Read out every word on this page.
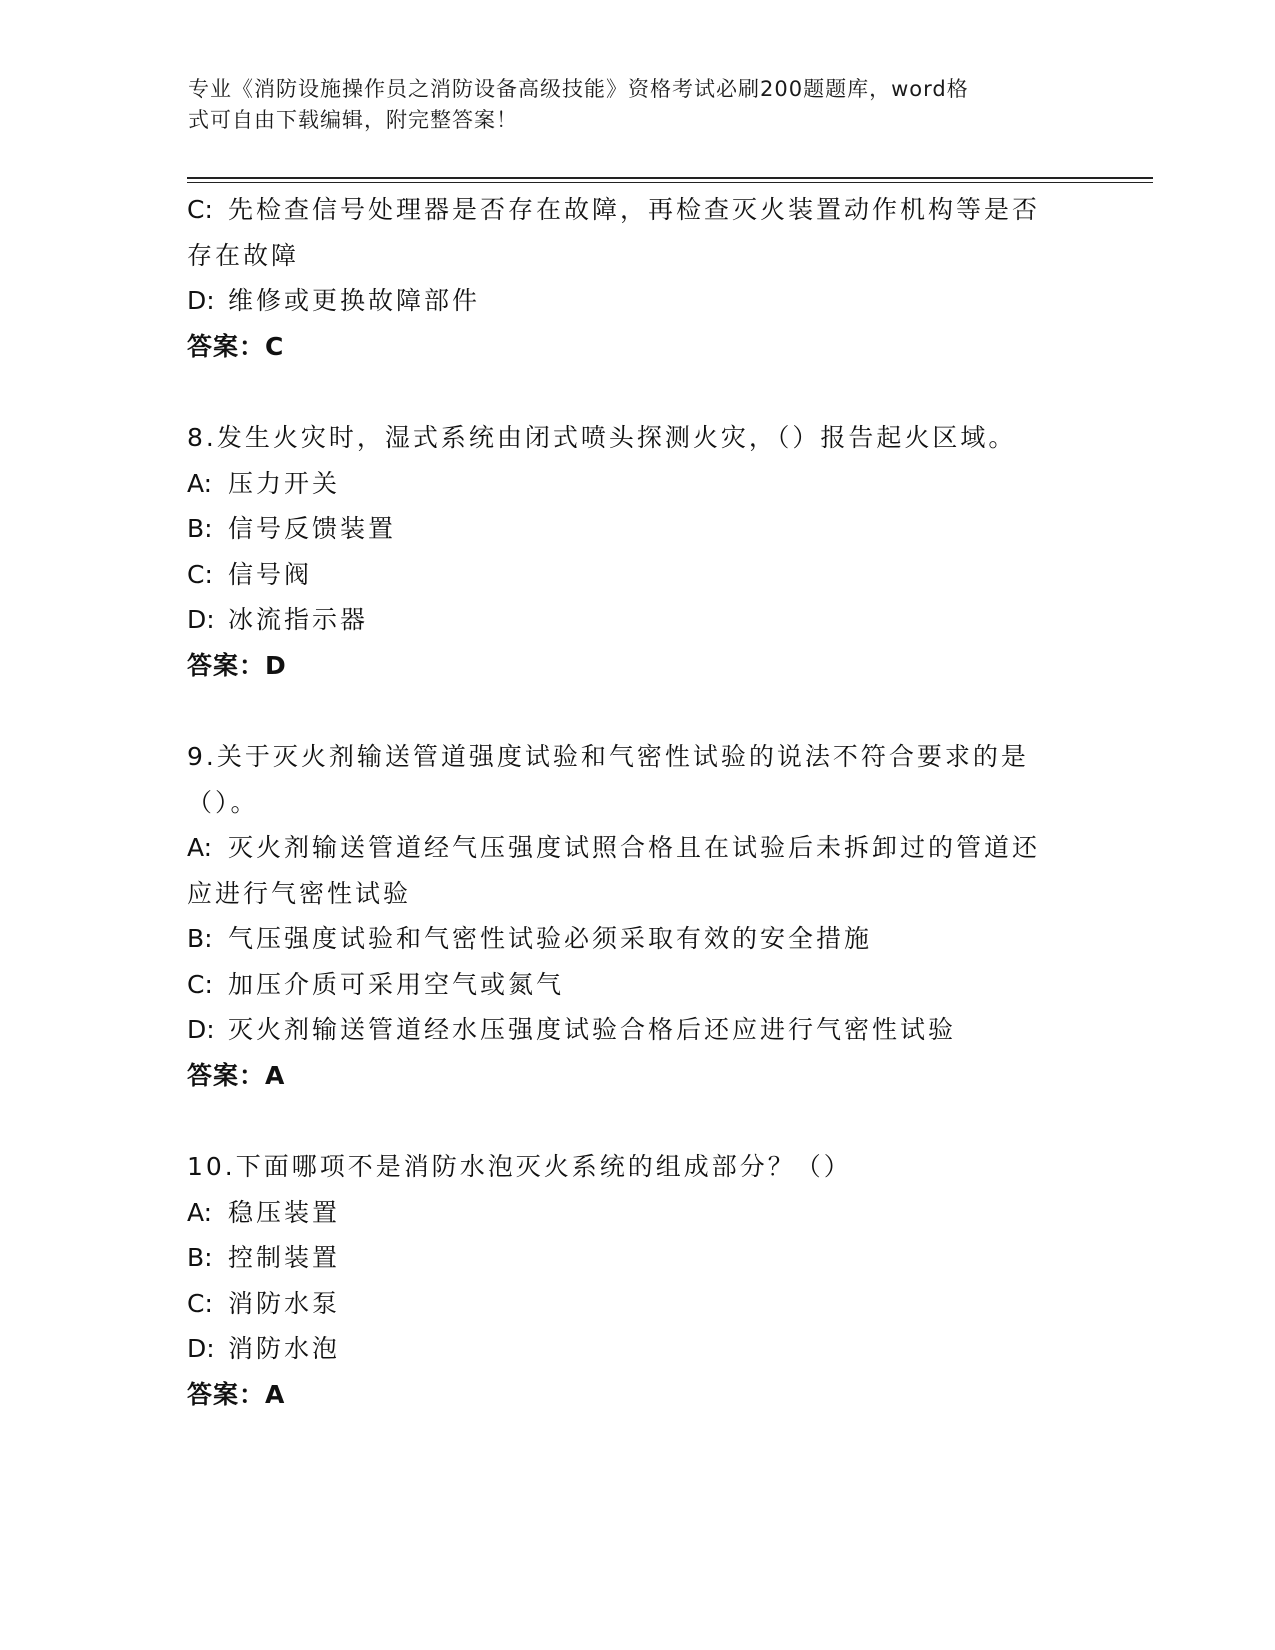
专业《消防设施操作员之消防设备高级技能》资格考试必刷200题题库，word格
式可自由下载编辑，附完整答案！
C: 先检查信号处理器是否存在故障，再检查灭火装置动作机构等是否
存在故障
D: 维修或更换故障部件
答案：C
8.发生火灾时，湿式系统由闭式喷头探测火灾，（）报告起火区域。
A: 压力开关
B: 信号反馈装置
C: 信号阀
D: 冰流指示器
答案：D
9.关于灭火剂输送管道强度试验和气密性试验的说法不符合要求的是
（）。
A: 灭火剂输送管道经气压强度试照合格且在试验后未拆卸过的管道还
应进行气密性试验
B: 气压强度试验和气密性试验必须采取有效的安全措施
C: 加压介质可采用空气或氮气
D: 灭火剂输送管道经水压强度试验合格后还应进行气密性试验
答案：A
10.下面哪项不是消防水泡灭火系统的组成部分？（）
A: 稳压装置
B: 控制装置
C: 消防水泵
D: 消防水泡
答案：A
